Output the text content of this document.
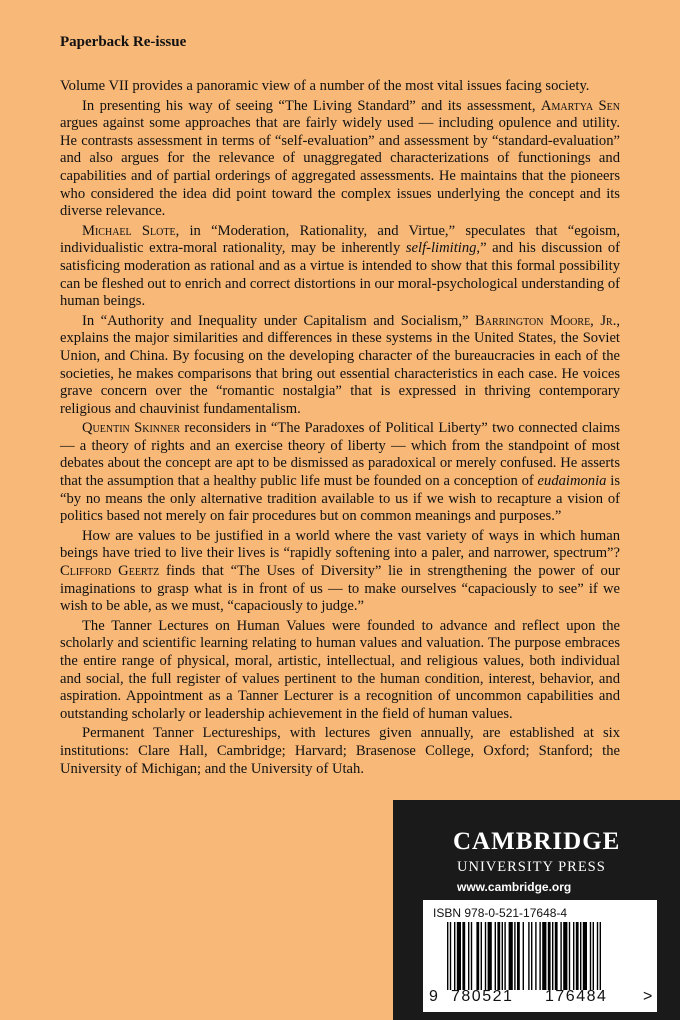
Paperback Re-issue

Volume VII provides a panoramic view of a number of the most vital issues facing society.

In presenting his way of seeing “The Living Standard” and its assessment, Amartya Sen argues against some approaches that are fairly widely used — including opulence and utility. He contrasts assessment in terms of “self-evaluation” and assessment by “standard-evaluation” and also argues for the relevance of unaggregated characterizations of functionings and capabilities and of partial orderings of aggregated assessments. He maintains that the pioneers who considered the idea did point toward the complex issues underlying the concept and its diverse relevance.

Michael Slote, in “Moderation, Rationality, and Virtue,” speculates that “egoism, individualistic extra-moral rationality, may be inherently self-limiting,” and his discussion of satisficing moderation as rational and as a virtue is intended to show that this formal possibility can be fleshed out to enrich and correct distortions in our moral-psychological understanding of human beings.

In “Authority and Inequality under Capitalism and Socialism,” Barrington Moore, Jr., explains the major similarities and differences in these systems in the United States, the Soviet Union, and China. By focusing on the developing character of the bureaucracies in each of the societies, he makes comparisons that bring out essential characteristics in each case. He voices grave concern over the “romantic nostalgia” that is expressed in thriving contemporary religious and chauvinist fundamentalism.

Quentin Skinner reconsiders in “The Paradoxes of Political Liberty” two connected claims — a theory of rights and an exercise theory of liberty — which from the standpoint of most debates about the concept are apt to be dismissed as paradoxical or merely confused. He asserts that the assumption that a healthy public life must be founded on a conception of eudaimonia is “by no means the only alternative tradition available to us if we wish to recapture a vision of politics based not merely on fair procedures but on common meanings and purposes.”

How are values to be justified in a world where the vast variety of ways in which human beings have tried to live their lives is “rapidly softening into a paler, and narrower, spectrum”? Clifford Geertz finds that “The Uses of Diversity” lie in strengthening the power of our imaginations to grasp what is in front of us — to make ourselves “capaciously to see” if we wish to be able, as we must, “capaciously to judge.”

The Tanner Lectures on Human Values were founded to advance and reflect upon the scholarly and scientific learning relating to human values and valuation. The purpose embraces the entire range of physical, moral, artistic, intellectual, and religious values, both individual and social, the full register of values pertinent to the human condition, interest, behavior, and aspiration. Appointment as a Tanner Lecturer is a recognition of uncommon capabilities and outstanding scholarly or leadership achievement in the field of human values.

Permanent Tanner Lectureships, with lectures given annually, are established at six institutions: Clare Hall, Cambridge; Harvard; Brasenose College, Oxford; Stanford; the University of Michigan; and the University of Utah.

CAMBRIDGE
UNIVERSITY PRESS
www.cambridge.org
ISBN 978-0-521-17648-4
9 780521 176484 >
